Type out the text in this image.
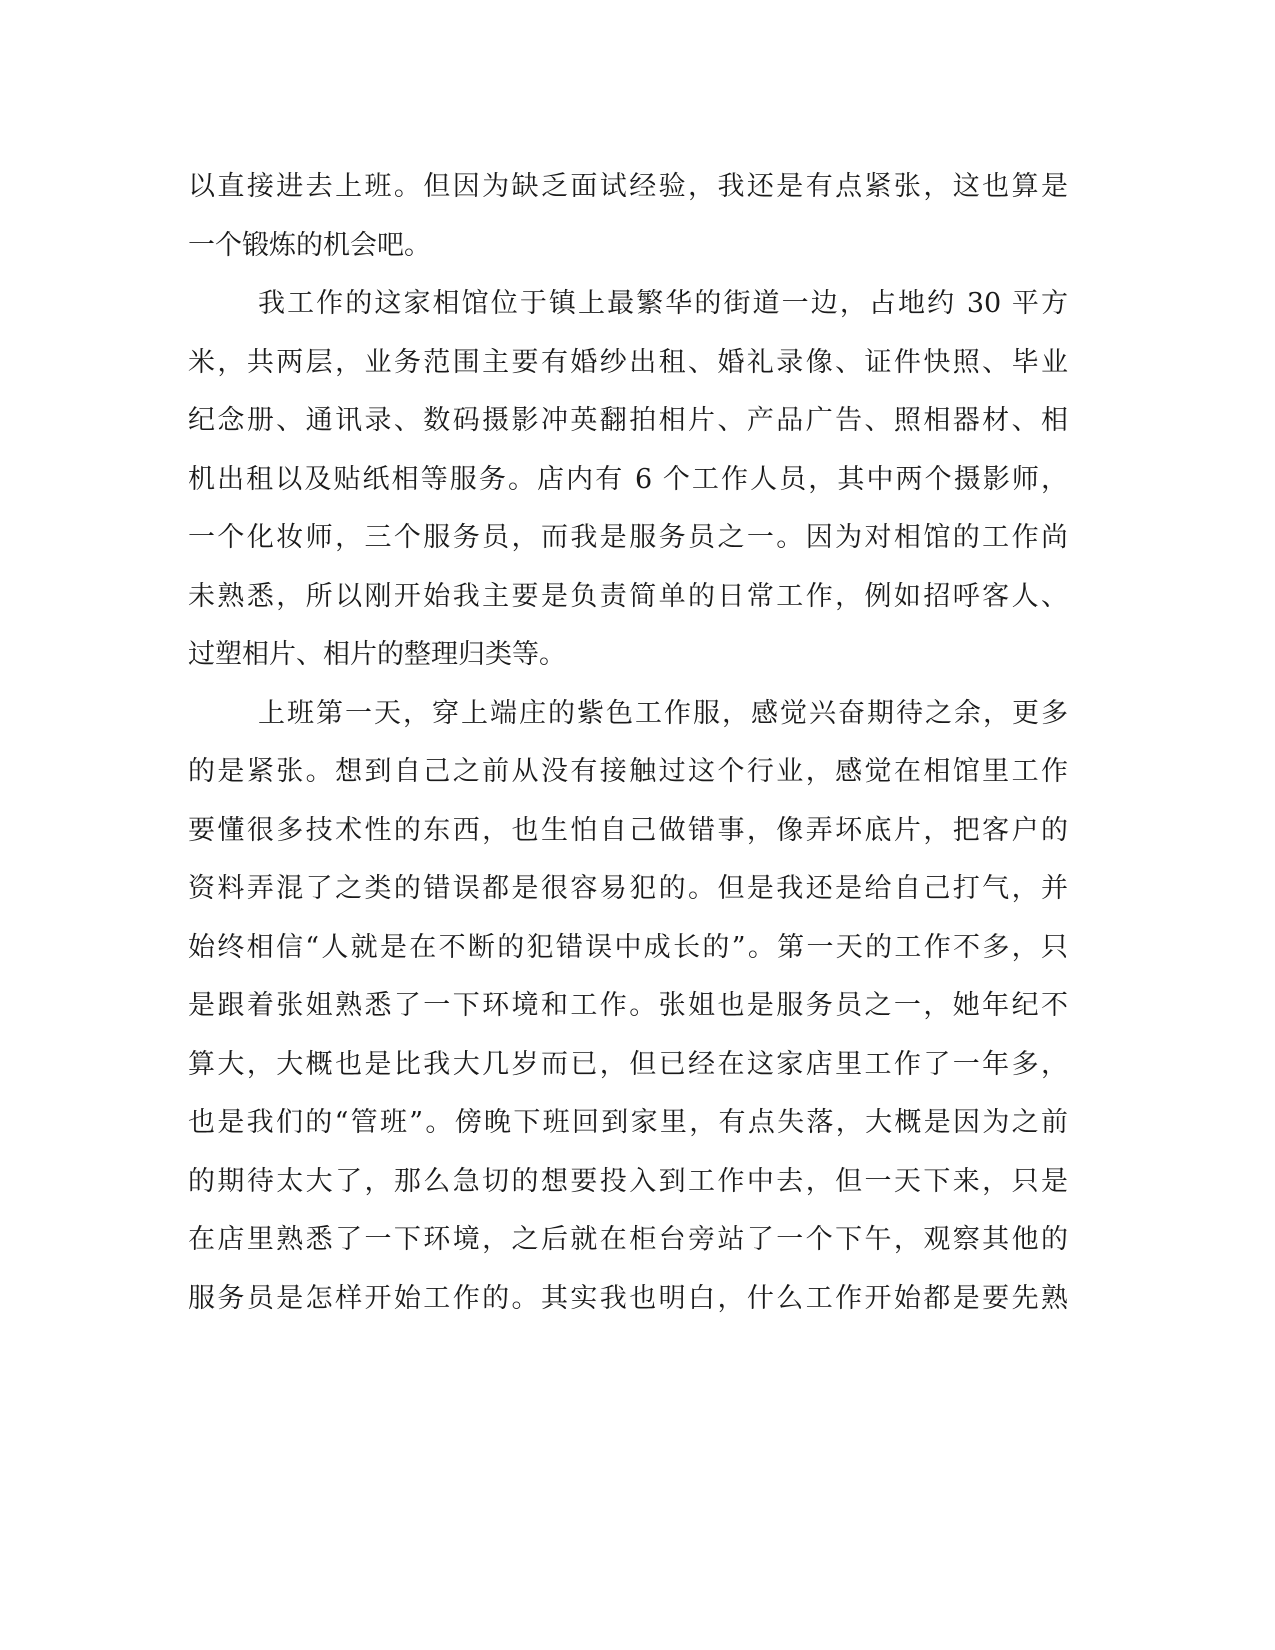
以直接进去上班。但因为缺乏面试经验，我还是有点紧张，这也算是
一个锻炼的机会吧。
我工作的这家相馆位于镇上最繁华的街道一边，占地约 30 平方
米，共两层，业务范围主要有婚纱出租、婚礼录像、证件快照、毕业
纪念册、通讯录、数码摄影冲英翻拍相片、产品广告、照相器材、相
机出租以及贴纸相等服务。店内有 6 个工作人员，其中两个摄影师，
一个化妆师，三个服务员，而我是服务员之一。因为对相馆的工作尚
未熟悉，所以刚开始我主要是负责简单的日常工作，例如招呼客人、
过塑相片、相片的整理归类等。
上班第一天，穿上端庄的紫色工作服，感觉兴奋期待之余，更多
的是紧张。想到自己之前从没有接触过这个行业，感觉在相馆里工作
要懂很多技术性的东西，也生怕自己做错事，像弄坏底片，把客户的
资料弄混了之类的错误都是很容易犯的。但是我还是给自己打气，并
始终相信“人就是在不断的犯错误中成长的”。第一天的工作不多，只
是跟着张姐熟悉了一下环境和工作。张姐也是服务员之一，她年纪不
算大，大概也是比我大几岁而已，但已经在这家店里工作了一年多，
也是我们的“管班”。傍晚下班回到家里，有点失落，大概是因为之前
的期待太大了，那么急切的想要投入到工作中去，但一天下来，只是
在店里熟悉了一下环境，之后就在柜台旁站了一个下午，观察其他的
服务员是怎样开始工作的。其实我也明白，什么工作开始都是要先熟
